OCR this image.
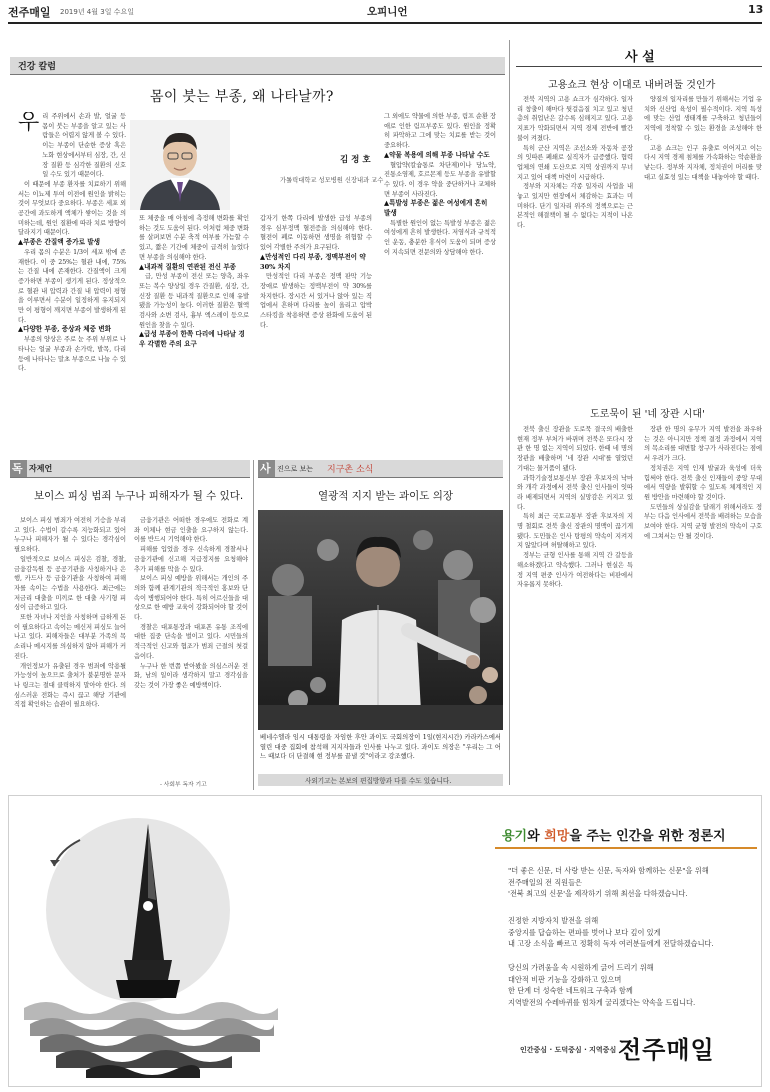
전주매일 2019년 4월 3일 수요일	오피니언	13
건강 칼럼
몸이 붓는 부종, 왜 나타날까?
김 정 호
가톨릭대학교 성모병원 신장내과 교수
우 리 주위에서 손과 발, 얼굴 등 몸이 붓는 부종을 알고 있는 사람들은 어렵지 않게 볼 수 있다. 이는 부종이 단순한 증상 혹은 노화 현상에서부터 심장, 간, 신장 질환 등 심각한 질환의 신호일 수도 있기 때문이다.

이 때문에 부종 환자를 치료하기 위해서는 이뇨제 투여 이전에 원인을 밝히는 것이 무엇보다 중요하다. 부종은 세포 외 공간에 과도하게 액체가 쌓이는 것을 의미하는데, 원인 질환에 따라 치료 방향이 달라지기 때문이다.

▲부종은 간질액 증가로 발생

우리 몸의 수분은 1/3이 세포 밖에 존재한다. 이 중 25%는 혈관 내에, 75%는 간질 내에 존재한다. 간질액이 크게 증가하면 부종이 생기게 된다. 정상적으로 혈관 내 압력과 간질 내 압력이 평형을 이루면서 수분이 일정하게 유지되지만 이 평형이 깨지면 부종이 발생하게 된다.

▲다양한 부종, 증상과 체중 변화

부종의 양상은 주로 눈 주위 부위로 나타나는 얼굴 부종과 손가락, 발목, 다리 등에 나타나는 말초 부종으로 나눌 수 있다.

또 체중을 매 아침에 측정해 변화를 확인하는 것도 도움이 된다. 이처럼 체중 변화를 살펴보면 수분 축적 여부를 가늠할 수 있고, 짧은 기간에 체중이 급격히 늘었다면 부종을 의심해야 한다.

▲내과적 질환의 연관된 전신 부종

급, 만성 부종이 전신 또는 양측, 좌우 또는 복수 양상일 경우 간질환, 심장, 간, 신장 질환 등 내과적 질환으로 인해 유발됐을 가능성이 높다. 이러한 질환은 혈액 검사와 소변 검사, 흉부 엑스레이 등으로 원인을 찾을 수 있다.

▲급성 부종이 한쪽 다리에 나타날 경우 각별한 주의 요구

갑자기 한쪽 다리에 발생한 급성 부종의 경우 심부정맥 혈전증을 의심해야 한다. 혈전이 폐로 이동하면 생명을 위협할 수 있어 각별한 주의가 요구된다.

▲만성적인 다리 부종, 정맥부전이 약 30% 차지

만성적인 다리 부종은 정맥 판막 기능 장애로 발생하는 정맥부전이 약 30%를 차지한다. 장시간 서 있거나 앉아 있는 직업에서 흔하며 다리를 높이 올리고 압박 스타킹을 착용하면 증상 완화에 도움이 된다.

그 외에도 약물에 의한 부종, 림프 순환 장애로 인한 림프부종도 있다. 원인을 정확히 파악하고 그에 맞는 치료를 받는 것이 중요하다.

▲약물 복용에 의해 부종 나타날 수도

혈압약(칼슘통로 차단제)이나 당뇨약, 진통소염제, 호르몬제 등도 부종을 유발할 수 있다. 이 경우 약을 중단하거나 교체하면 부종이 사라진다.

▲특발성 부종은 젊은 여성에게 흔히 발생

특별한 원인이 없는 특발성 부종은 젊은 여성에게 흔히 발생한다. 저염식과 규칙적인 운동, 충분한 휴식이 도움이 되며 증상이 지속되면 전문의와 상담해야 한다.

사 설
고용쇼크 현상 이대로 내버려둘 것인가

전북 지역의 고용 쇼크가 심각하다. 일자리 창출이 해마다 뒷걸음질 치고 있고 청년층의 취업난은 갈수록 심해지고 있다. 고용 지표가 악화되면서 지역 경제 전반에 빨간불이 켜졌다.

특히 군산 지역은 조선소와 자동차 공장의 잇따른 폐쇄로 실직자가 급증했다. 협력업체의 연쇄 도산으로 지역 상권까지 무너지고 있어 대책 마련이 시급하다.

정부와 지자체는 각종 일자리 사업을 내놓고 있지만 현장에서 체감하는 효과는 미미하다. 단기 일자리 위주의 정책으로는 근본적인 해결책이 될 수 없다는 지적이 나온다.

양질의 일자리를 만들기 위해서는 기업 유치와 신산업 육성이 필수적이다. 지역 특성에 맞는 산업 생태계를 구축하고 청년들이 지역에 정착할 수 있는 환경을 조성해야 한다.

고용 쇼크는 인구 유출로 이어지고 이는 다시 지역 경제 침체를 가속화하는 악순환을 낳는다. 정부와 지자체, 정치권이 머리를 맞대고 실효성 있는 대책을 내놓아야 할 때다.

도로묵이 된 '네 장관 시대'

전북 출신 장관을 도로묵 결국의 배출한 현재 정부 부처가 바뀌며 전북은 또다시 장관 한 명 없는 지역이 되었다. 한때 네 명의 장관을 배출하며 '네 장관 시대'를 열었던 기대는 물거품이 됐다.

과학기술정보통신부 장관 후보자의 낙마와 개각 과정에서 전북 출신 인사들이 잇따라 배제되면서 지역의 실망감은 커지고 있다.

특히 최근 국토교통부 장관 후보자의 지명 철회로 전북 출신 장관의 명맥이 끊기게 됐다. 도민들은 인사 탕평의 약속이 지켜지지 않았다며 허탈해하고 있다.

정부는 균형 인사를 통해 지역 간 갈등을 해소하겠다고 약속했다. 그러나 현실은 특정 지역 편중 인사가 여전하다는 비판에서 자유롭지 못하다.

장관 한 명의 유무가 지역 발전을 좌우하는 것은 아니지만 정책 결정 과정에서 지역의 목소리를 대변할 창구가 사라진다는 점에서 우려가 크다.

정치권은 지역 인재 발굴과 육성에 더욱 힘써야 한다. 전북 출신 인재들이 중앙 무대에서 역량을 발휘할 수 있도록 체계적인 지원 방안을 마련해야 할 것이다.

도민들의 상실감을 달래기 위해서라도 정부는 다음 인사에서 전북을 배려하는 모습을 보여야 한다. 지역 균형 발전의 약속이 구호에 그쳐서는 안 될 것이다.

독 자제언
보이스 피싱 범죄 누구나 피해자가 될 수 있다.

보이스 피싱 범죄가 여전히 기승을 부리고 있다. 수법이 갈수록 지능화되고 있어 누구나 피해자가 될 수 있다는 경각심이 필요하다.

일반적으로 보이스 피싱은 검찰, 경찰, 금융감독원 등 공공기관을 사칭하거나 은행, 카드사 등 금융기관을 사칭하여 피해자를 속이는 수법을 사용한다. 최근에는 저금리 대출을 미끼로 한 대출 사기형 피싱이 급증하고 있다.

또한 자녀나 지인을 사칭하며 급하게 돈이 필요하다고 속이는 메신저 피싱도 늘어나고 있다. 피해자들은 대부분 가족의 목소리나 메시지를 의심하지 않아 피해가 커진다.

개인정보가 유출된 경우 범죄에 악용될 가능성이 높으므로 출처가 불분명한 문자나 링크는 절대 클릭하지 말아야 한다. 의심스러운 전화는 즉시 끊고 해당 기관에 직접 확인하는 습관이 필요하다.

금융기관은 어떠한 경우에도 전화로 계좌 이체나 현금 인출을 요구하지 않는다. 이를 반드시 기억해야 한다.

피해를 입었을 경우 신속하게 경찰서나 금융기관에 신고해 지급정지를 요청해야 추가 피해를 막을 수 있다.

보이스 피싱 예방을 위해서는 개인의 주의와 함께 관계기관의 적극적인 홍보와 단속이 병행되어야 한다. 특히 어르신들을 대상으로 한 예방 교육이 강화되어야 할 것이다.

경찰은 대포통장과 대포폰 유통 조직에 대한 집중 단속을 벌이고 있다. 시민들의 적극적인 신고와 협조가 범죄 근절의 첫걸음이다.

누구나 한 번쯤 받아봤을 의심스러운 전화, 남의 일이라 생각하지 말고 경각심을 갖는 것이 가장 좋은 예방책이다.

- 사회부 독자 기고
사 진으로 보는 지구촌 소식
열광적 지지 받는 과이도 의장
베네수엘라 임시 대통령을 자임한 후안 과이도 국회의장이 1일(현지시간) 카라카스에서 열린 대중 집회에 참석해 지지자들과 인사를 나누고 있다. 과이도 의장은 "우리는 그 어느 때보다 더 단결해 현 정부를 끝낼 것"이라고 강조했다.
사외기고는 본보의 편집방향과 다를 수도 있습니다.
용기와 희망을 주는 인간을 위한 정론지
"더 좋은 신문, 더 사랑 받는 신문, 독자와 함께하는 신문"을 위해
전주매일의 전 직원들은
'전북 최고의 신문'을 제작하기 위해 최선을 다하겠습니다.
진정한 지방자치 발전을 위해
중앙지를 답습하는 편파를 벗어나 보다 깊이 있게
내 고장 소식을 빠르고 정확히 독자 여러분들에게 전달하겠습니다.
당신의 가려움을 속 시원하게 긁어 드리기 위해
대안적 비판 기능을 강화하고 있으며
한 단계 더 성숙한 네트워크 구축과 함께
지역발전의 수레바퀴를 힘차게 굴리겠다는 약속을 드립니다.
인간중심 · 도덕중심 · 지역중심 전주매일
